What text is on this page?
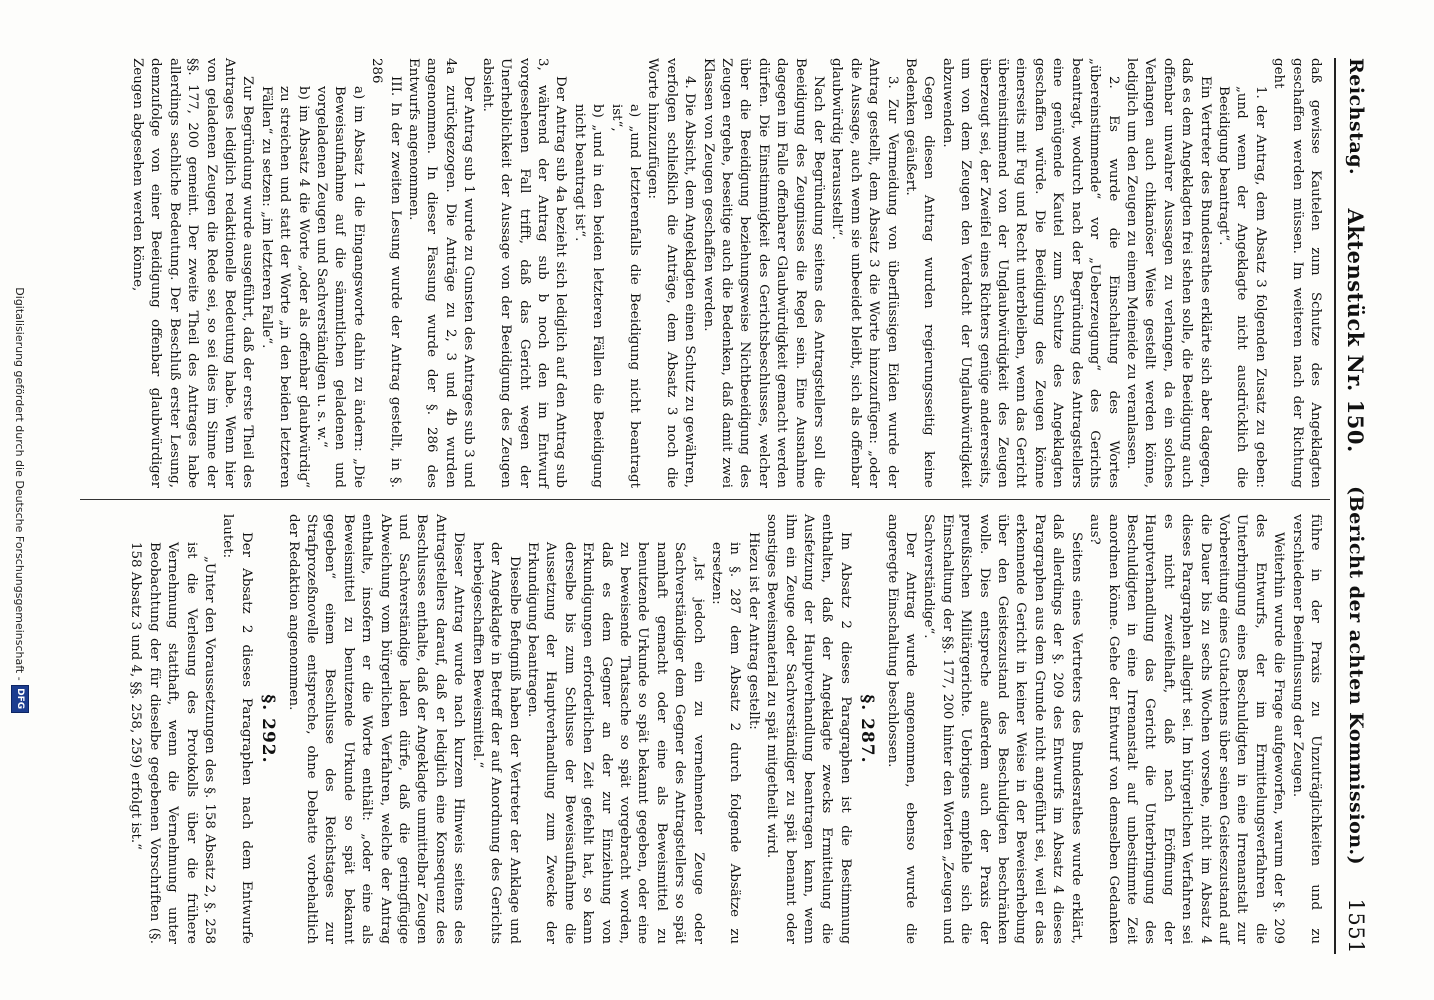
Reichstag.
Aktenstück Nr. 150.
(Bericht der achten Kommission.)
1551

daß gewisse Kautelen zum Schutze des Angeklagten geschaffen werden müssen. Im weiteren nach der Richtung geht

1. der Antrag, dem Absatz 3 folgenden Zusatz zu geben: „und wenn der Angeklagte nicht ausdrücklich die Beeidigung beantragt“.

Ein Vertreter des Bundesrathes erklärte sich aber dagegen, daß es dem Angeklagten frei stehen solle, die Beeidigung auch offenbar unwahrer Aussagen zu verlangen, da ein solches Verlangen auch chikanöser Weise gestellt werden könne, lediglich um den Zeugen zu einem Meineide zu veranlassen.

2. Es wurde die Einschaltung des Wortes „übereinstimmende“ vor „Ueberzeugung“ des Gerichts beantragt, wodurch nach der Begründung des Antragstellers eine genügende Kautel zum Schutze des Angeklagten geschaffen würde. Die Beeidigung des Zeugen könne einerseits mit Fug und Recht unterbleiben, wenn das Gericht übereinstimmend von der Unglaubwürdigkeit des Zeugen überzeugt sei, der Zweifel eines Richters genüge andererseits, um von dem Zeugen den Verdacht der Unglaubwürdigkeit abzuwenden.

Gegen diesen Antrag wurden regierungsseitig keine Bedenken geäußert.

3. Zur Vermeidung von überflüssigen Eiden wurde der Antrag gestellt, dem Absatz 3 die Worte hinzuzufügen: „oder die Aussage, auch wenn sie unbeeidet bleibt, sich als offenbar glaubwürdig herausstellt“.

Nach der Begründung seitens des Antragstellers soll die Beeidigung des Zeugnisses die Regel sein. Eine Ausnahme dagegen im Falle offenbarer Glaubwürdigkeit gemacht werden dürfen. Die Einstimmigkeit des Gerichtsbeschlusses, welcher über die Beeidigung beziehungsweise Nichtbeeidigung des Zeugen ergehe, beseitige auch die Bedenken, daß damit zwei Klassen von Zeugen geschaffen werden.

4. Die Absicht, dem Angeklagten einen Schutz zu gewähren, verfolgen schließlich die Anträge, dem Absatz 3 noch die Worte hinzuzufügen:

a) „und letzterenfalls die Beeidigung nicht beantragt ist“,

b) „und in den beiden letzteren Fällen die Beeidigung nicht beantragt ist“.

Der Antrag sub 4a bezieht sich lediglich auf den Antrag sub 3, während der Antrag sub b noch den im Entwurf vorgesehenen Fall trifft, daß das Gericht wegen der Unerheblichkeit der Aussage von der Beeidigung des Zeugen absieht.

Der Antrag sub 1 wurde zu Gunsten des Antrages sub 3 und 4a zurückgezogen. Die Anträge zu 2, 3 und 4b wurden angenommen. In dieser Fassung wurde der §. 286 des Entwurfs angenommen.

III. In der zweiten Lesung wurde der Antrag gestellt, in §. 286

a) im Absatz 1 die Eingangsworte dahin zu ändern: „Die Beweisaufnahme auf die sämmtlichen geladenen und vorgeladenen Zeugen und Sachverständigen u. s. w.“

b) im Absatz 4 die Worte „oder als offenbar glaubwürdig“ zu streichen und statt der Worte „in den beiden letzteren Fällen“ zu setzen: „im letzteren Falle“.

Zur Begründung wurde ausgeführt, daß der erste Theil des Antrages lediglich redaktionelle Bedeutung habe. Wenn hier von geladenen Zeugen die Rede sei, so sei dies im Sinne der §§. 177, 200 gemeint. Der zweite Theil des Antrages habe allerdings sachliche Bedeutung. Der Beschluß erster Lesung, demzufolge von einer Beeidigung offenbar glaubwürdiger Zeugen abgesehen werden könne,

führe in der Praxis zu Unzuträglichkeiten und zu verschiedener Beeinflussung der Zeugen.

Weiterhin wurde die Frage aufgeworfen, warum der §. 209 des Entwurfs, der im Ermittelungsverfahren die Unterbringung eines Beschuldigten in eine Irrenanstalt zur Vorbereitung eines Gutachtens über seinen Geisteszustand auf die Dauer bis zu sechs Wochen vorsehe, nicht im Absatz 4 dieses Paragraphen allegirt sei. Im bürgerlichen Verfahren sei es nicht zweifelhaft, daß nach Eröffnung der Hauptverhandlung das Gericht die Unterbringung des Beschuldigten in eine Irrenanstalt auf unbestimmte Zeit anordnen könne. Gehe der Entwurf von demselben Gedanken aus?

Seitens eines Vertreters des Bundesrathes wurde erklärt, daß allerdings der §. 209 des Entwurfs im Absatz 4 dieses Paragraphen aus dem Grunde nicht angeführt sei, weil er das erkennende Gericht in keiner Weise in der Beweiserhebung über den Geisteszustand des Beschuldigten beschränken wolle. Dies entspreche außerdem auch der Praxis der preußischen Militärgerichte. Uebrigens empfehle sich die Einschaltung der §§. 177, 200 hinter den Worten „Zeugen und Sachverständige“.

Der Antrag wurde angenommen, ebenso wurde die angeregte Einschaltung beschlossen.

§. 287.

Im Absatz 2 dieses Paragraphen ist die Bestimmung enthalten, daß der Angeklagte zwecks Ermittelung die Ausfetzung der Hauptverhandlung beantragen kann, wenn ihm ein Zeuge oder Sachverständiger zu spät benannt oder sonstiges Beweismaterial zu spät mitgetheilt wird.

Hiezu ist der Antrag gestellt:

in §. 287 dem Absatz 2 durch folgende Absätze zu ersetzen:

„Ist jedoch ein zu vernehmender Zeuge oder Sachverständiger dem Gegner des Antragstellers so spät namhaft gemacht oder eine als Beweismittel zu benutzende Urkunde so spät bekannt gegeben, oder eine zu beweisende Thatsache so spät vorgebracht worden, daß es dem Gegner an der zur Einziehung von Erkundigungen erforderlichen Zeit gefehlt hat, so kann derselbe bis zum Schlusse der Beweisaufnahme die Aussetzung der Hauptverhandlung zum Zwecke der Erkundigung beantragen.

Dieselbe Befugniß haben der Vertreter der Anklage und der Angeklagte in Betreff der auf Anordnung des Gerichts herbeigeschafften Beweismittel.“

Dieser Antrag wurde nach kurzem Hinweis seitens des Antragstellers darauf, daß er lediglich eine Konsequenz des Beschlusses enthalte, daß der Angeklagte unmittelbar Zeugen und Sachverständige laden dürfe, daß die geringfügige Abweichung vom bürgerlichen Verfahren, welche der Antrag enthalte, insofern er die Worte enthält: „oder eine als Beweismittel zu benutzende Urkunde so spät bekannt gegeben“ einem Beschlusse des Reichstages zur Strafprozeßnovelle entspreche, ohne Debatte vorbehaltlich der Redaktion angenommen.

§. 292.

Der Absatz 2 dieses Paragraphen nach dem Entwurfe lautet:

„Unter den Voraussetzungen des §. 158 Absatz 2, §. 258 ist die Verlesung des Protokolls über die frühere Vernehmung statthaft, wenn die Vernehmung unter Beobachtung der für dieselbe gegebenen Vorschriften (§. 158 Absatz 3 und 4, §§. 258, 259) erfolgt ist.“

Digitalisierung gefördert durch die Deutsche Forschungsgemeinschaft -
DFG
